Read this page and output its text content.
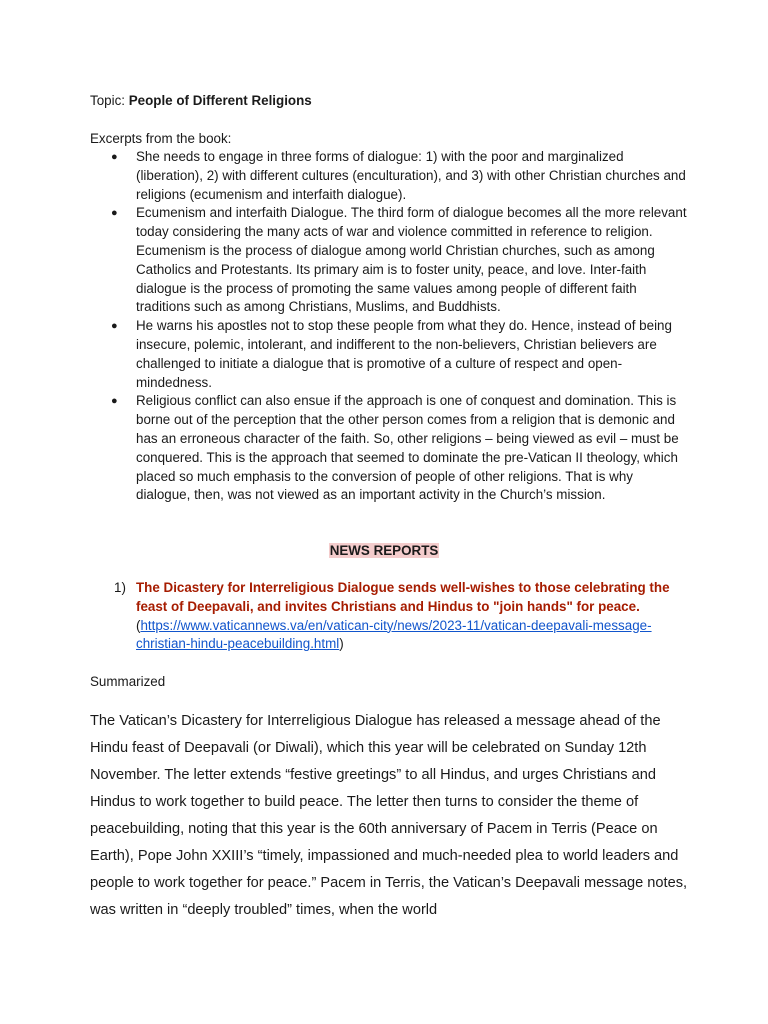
Topic: People of Different Religions
Excerpts from the book:
● She needs to engage in three forms of dialogue: 1) with the poor and marginalized (liberation), 2) with different cultures (enculturation), and 3) with other Christian churches and religions (ecumenism and interfaith dialogue).
● Ecumenism and interfaith Dialogue. The third form of dialogue becomes all the more relevant today considering the many acts of war and violence committed in reference to religion. Ecumenism is the process of dialogue among world Christian churches, such as among Catholics and Protestants. Its primary aim is to foster unity, peace, and love. Inter-faith dialogue is the process of promoting the same values among people of different faith traditions such as among Christians, Muslims, and Buddhists.
● He warns his apostles not to stop these people from what they do. Hence, instead of being insecure, polemic, intolerant, and indifferent to the non-believers, Christian believers are challenged to initiate a dialogue that is promotive of a culture of respect and open-mindedness.
● Religious conflict can also ensue if the approach is one of conquest and domination. This is borne out of the perception that the other person comes from a religion that is demonic and has an erroneous character of the faith. So, other religions – being viewed as evil – must be conquered. This is the approach that seemed to dominate the pre-Vatican II theology, which placed so much emphasis to the conversion of people of other religions. That is why dialogue, then, was not viewed as an important activity in the Church’s mission.
NEWS REPORTS
1) The Dicastery for Interreligious Dialogue sends well-wishes to those celebrating the feast of Deepavali, and invites Christians and Hindus to "join hands" for peace. (https://www.vaticannews.va/en/vatican-city/news/2023-11/vatican-deepavali-message-christian-hindu-peacebuilding.html)
Summarized

The Vatican’s Dicastery for Interreligious Dialogue has released a message ahead of the Hindu feast of Deepavali (or Diwali), which this year will be celebrated on Sunday 12th November. The letter extends “festive greetings” to all Hindus, and urges Christians and Hindus to work together to build peace. The letter then turns to consider the theme of peacebuilding, noting that this year is the 60th anniversary of Pacem in Terris (Peace on Earth), Pope John XXIII’s “timely, impassioned and much-needed plea to world leaders and people to work together for peace.” Pacem in Terris, the Vatican’s Deepavali message notes, was written in “deeply troubled” times, when the world
